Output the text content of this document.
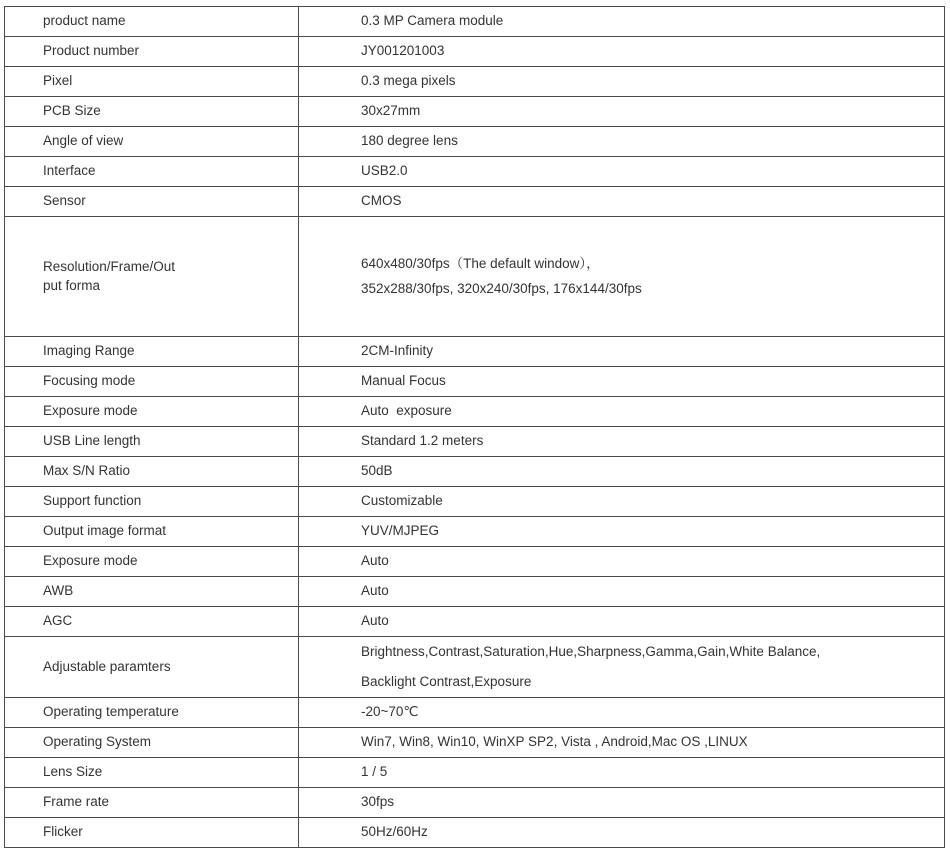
product name	0.3 MP Camera module
Product number	JY001201003
Pixel	0.3 mega pixels
PCB Size	30x27mm
Angle of view	180 degree lens
Interface	USB2.0
Sensor	CMOS

Resolution/Frame/Out
put forma	640x480/30fps（The default window），
352x288/30fps, 320x240/30fps, 176x144/30fps

Imaging Range	2CM-Infinity
Focusing mode	Manual Focus
Exposure mode	Auto  exposure
USB Line length	Standard 1.2 meters
Max S/N Ratio	50dB
Support function	Customizable
Output image format	YUV/MJPEG
Exposure mode	Auto
AWB	Auto
AGC	Auto
Adjustable paramters	Brightness,Contrast,Saturation,Hue,Sharpness,Gamma,Gain,White Balance,
Backlight Contrast,Exposure

Operating temperature	-20~70℃
Operating System	Win7, Win8, Win10, WinXP SP2, Vista , Android,Mac OS ,LINUX
Lens Size	1 / 5
Frame rate	30fps
Flicker	50Hz/60Hz
